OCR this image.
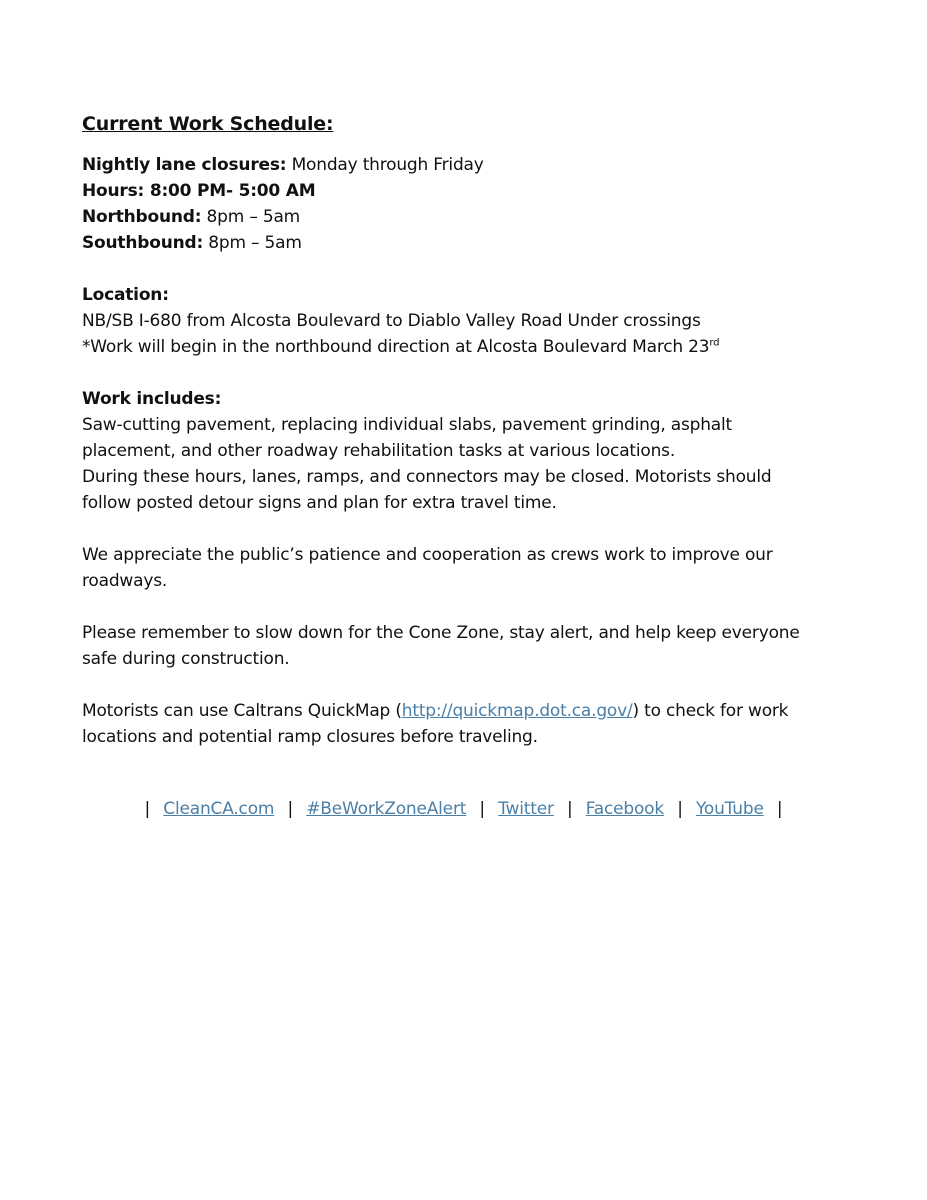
Current Work Schedule:

Nightly lane closures: Monday through Friday

Hours: 8:00 PM- 5:00 AM

Northbound: 8pm – 5am

Southbound: 8pm – 5am

Location:

NB/SB I-680 from Alcosta Boulevard to Diablo Valley Road Under crossings

*Work will begin in the northbound direction at Alcosta Boulevard March 23rd

Work includes:

Saw-cutting pavement, replacing individual slabs, pavement grinding, asphalt

placement, and other roadway rehabilitation tasks at various locations.

During these hours, lanes, ramps, and connectors may be closed. Motorists should

follow posted detour signs and plan for extra travel time.

We appreciate the public’s patience and cooperation as crews work to improve our

roadways.

Please remember to slow down for the Cone Zone, stay alert, and help keep everyone

safe during construction.

Motorists can use Caltrans QuickMap (http://quickmap.dot.ca.gov/) to check for work

locations and potential ramp closures before traveling.

| CleanCA.com | #BeWorkZoneAlert | Twitter | Facebook | YouTube |
